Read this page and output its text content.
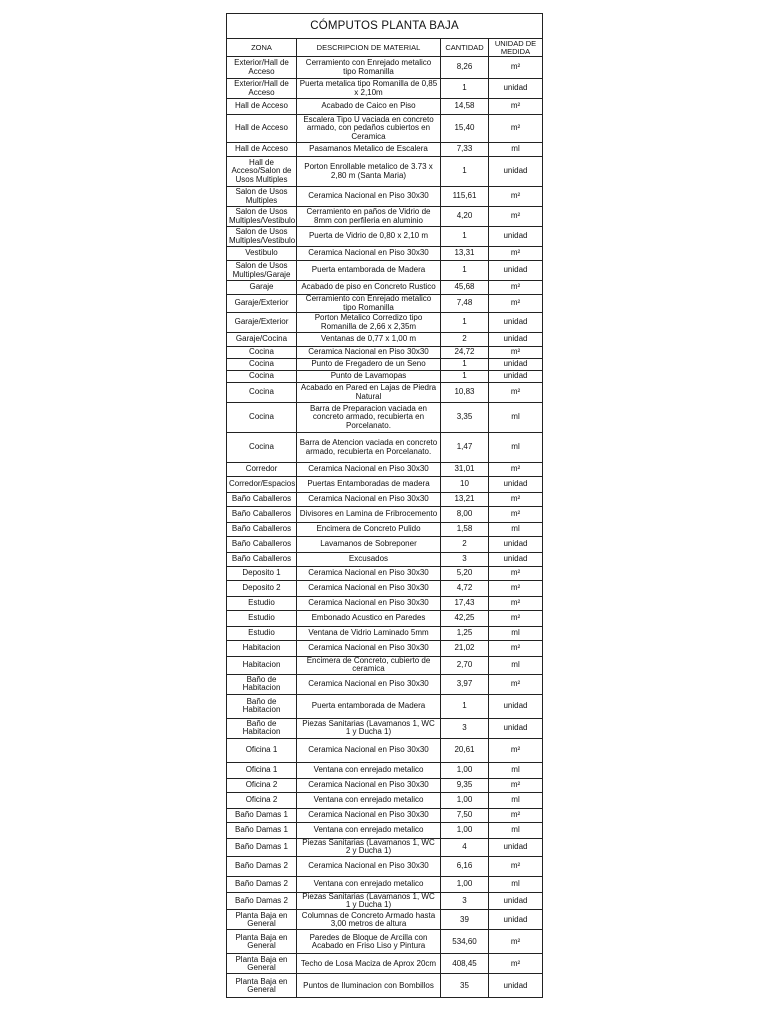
CÓMPUTOS PLANTA BAJA			
ZONA	DESCRIPCION DE MATERIAL	CANTIDAD	UNIDAD DE MEDIDA
Exterior/Hall de Acceso	Cerramiento con Enrejado metalico tipo Romanilla	8,26	m²
Exterior/Hall de Acceso	Puerta metalica tipo Romanilla de 0,85 x 2,10m	1	unidad
Hall de Acceso	Acabado de Caico en Piso	14,58	m²
Hall de Acceso	Escalera Tipo U vaciada en concreto armado, con pedaños cubiertos en Ceramica	15,40	m²
Hall de Acceso	Pasamanos Metalico de Escalera	7,33	ml
Hall de Acceso/Salon de Usos Multiples	Porton Enrollable metalico de 3.73 x 2,80 m (Santa Maria)	1	unidad
Salon de Usos Multiples	Ceramica Nacional en Piso 30x30	115,61	m²
Salon de Usos Multiples/Vestibulo	Cerramiento en paños de Vidrio de 8mm con perfileria en aluminio	4,20	m²
Salon de Usos Multiples/Vestibulo	Puerta de Vidrio de 0,80 x 2,10 m	1	unidad
Vestibulo	Ceramica Nacional en Piso 30x30	13,31	m²
Salon de Usos Multiples/Garaje	Puerta entamborada de Madera	1	unidad
Garaje	Acabado de piso en Concreto Rustico	45,68	m²
Garaje/Exterior	Cerramiento con Enrejado metalico tipo Romanilla	7,48	m²
Garaje/Exterior	Porton Metalico Corredizo tipo Romanilla de 2,66 x 2,35m	1	unidad
Garaje/Cocina	Ventanas de 0,77 x 1,00 m	2	unidad
Cocina	Ceramica Nacional en Piso 30x30	24,72	m²
Cocina	Punto de Fregadero de un Seno	1	unidad
Cocina	Punto de Lavamopas	1	unidad
Cocina	Acabado en Pared en Lajas de Piedra Natural	10,83	m²
Cocina	Barra de Preparacion vaciada en concreto armado, recubierta en Porcelanato.	3,35	ml
Cocina	Barra de Atencion vaciada en concreto armado, recubierta en Porcelanato.	1,47	ml
Corredor	Ceramica Nacional en Piso 30x30	31,01	m²
Corredor/Espacios	Puertas Entamboradas de madera	10	unidad
Baño Caballeros	Ceramica Nacional en Piso 30x30	13,21	m²
Baño Caballeros	Divisores en Lamina de Fribrocemento	8,00	m²
Baño Caballeros	Encimera de Concreto Pulido	1,58	ml
Baño Caballeros	Lavamanos de Sobreponer	2	unidad
Baño Caballeros	Excusados	3	unidad
Deposito 1	Ceramica Nacional en Piso 30x30	5,20	m²
Deposito 2	Ceramica Nacional en Piso 30x30	4,72	m²
Estudio	Ceramica Nacional en Piso 30x30	17,43	m²
Estudio	Embonado Acustico en Paredes	42,25	m²
Estudio	Ventana de Vidrio Laminado 5mm	1,25	ml
Habitacion	Ceramica Nacional en Piso 30x30	21,02	m²
Habitacion	Encimera de Concreto, cubierto de ceramica	2,70	ml
Baño de Habitacion	Ceramica Nacional en Piso 30x30	3,97	m²
Baño de Habitacion	Puerta entamborada de Madera	1	unidad
Baño de Habitacion	Piezas Sanitarias (Lavamanos 1, WC 1 y Ducha 1)	3	unidad
Oficina 1	Ceramica Nacional en Piso 30x30	20,61	m²
Oficina 1	Ventana con enrejado metalico	1,00	ml
Oficina 2	Ceramica Nacional en Piso 30x30	9,35	m²
Oficina 2	Ventana con enrejado metalico	1,00	ml
Baño Damas 1	Ceramica Nacional en Piso 30x30	7,50	m²
Baño Damas 1	Ventana con enrejado metalico	1,00	ml
Baño Damas 1	Piezas Sanitarias (Lavamanos 1, WC 2 y Ducha 1)	4	unidad
Baño Damas 2	Ceramica Nacional en Piso 30x30	6,16	m²
Baño Damas 2	Ventana con enrejado metalico	1,00	ml
Baño Damas 2	Piezas Sanitarias (Lavamanos 1, WC 1 y Ducha 1)	3	unidad
Planta Baja en General	Columnas de Concreto Armado hasta 3,00 metros de altura	39	unidad
Planta Baja en General	Paredes de Bloque de Arcilla con Acabado en Friso Liso y Pintura	534,60	m²
Planta Baja en General	Techo de Losa Maciza de Aprox 20cm	408,45	m²
Planta Baja en General	Puntos de Iluminacion con Bombillos	35	unidad
